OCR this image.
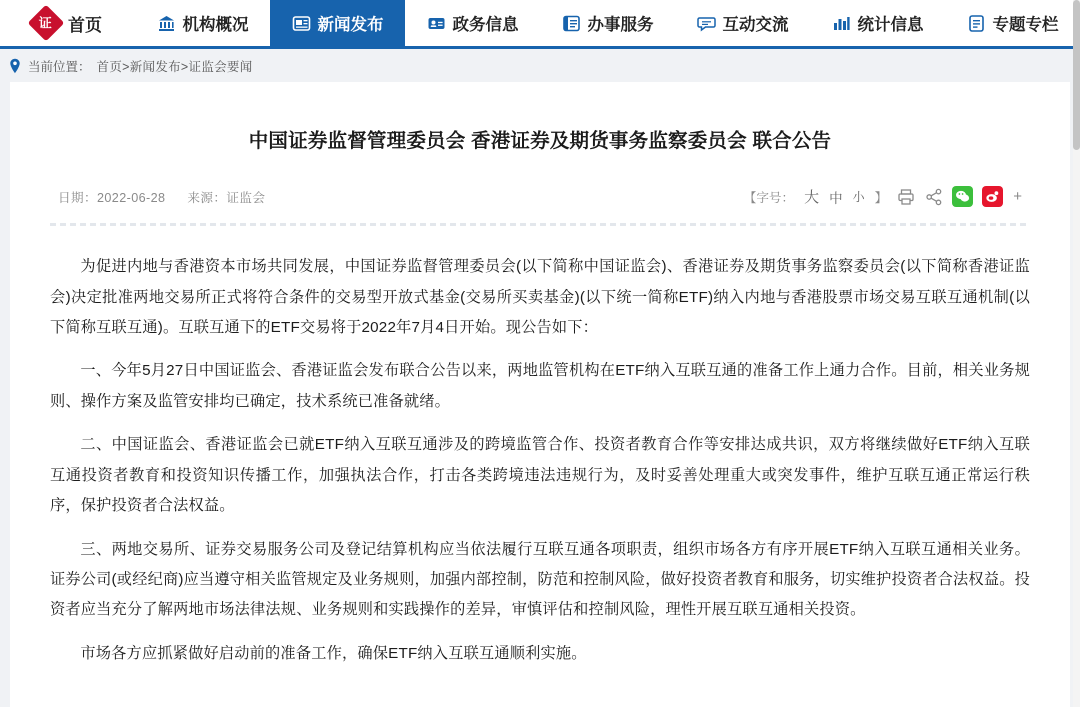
证 首页	机构概况	新闻发布	政务信息	办事服务	互动交流	统计信息	专题专栏
当前位置： 首页>新闻发布>证监会要闻
中国证券监督管理委员会 香港证券及期货事务监察委员会 联合公告
日期：2022-06-28 来源：证监会	【字号： 大 中 小 】	+

为促进内地与香港资本市场共同发展，中国证券监督管理委员会(以下简称中国证监会)、香港证券及期货事务监察委员会(以下简称香港证监会)决定批准两地交易所正式将符合条件的交易型开放式基金(交易所买卖基金)(以下统一简称ETF)纳入内地与香港股票市场交易互联互通机制(以下简称互联互通)。互联互通下的ETF交易将于2022年7月4日开始。现公告如下：

一、今年5月27日中国证监会、香港证监会发布联合公告以来，两地监管机构在ETF纳入互联互通的准备工作上通力合作。目前，相关业务规则、操作方案及监管安排均已确定，技术系统已准备就绪。

二、中国证监会、香港证监会已就ETF纳入互联互通涉及的跨境监管合作、投资者教育合作等安排达成共识，双方将继续做好ETF纳入互联互通投资者教育和投资知识传播工作，加强执法合作，打击各类跨境违法违规行为，及时妥善处理重大或突发事件，维护互联互通正常运行秩序，保护投资者合法权益。

三、两地交易所、证券交易服务公司及登记结算机构应当依法履行互联互通各项职责，组织市场各方有序开展ETF纳入互联互通相关业务。证券公司(或经纪商)应当遵守相关监管规定及业务规则，加强内部控制，防范和控制风险，做好投资者教育和服务，切实维护投资者合法权益。投资者应当充分了解两地市场法律法规、业务规则和实践操作的差异，审慎评估和控制风险，理性开展互联互通相关投资。

市场各方应抓紧做好启动前的准备工作，确保ETF纳入互联互通顺利实施。
